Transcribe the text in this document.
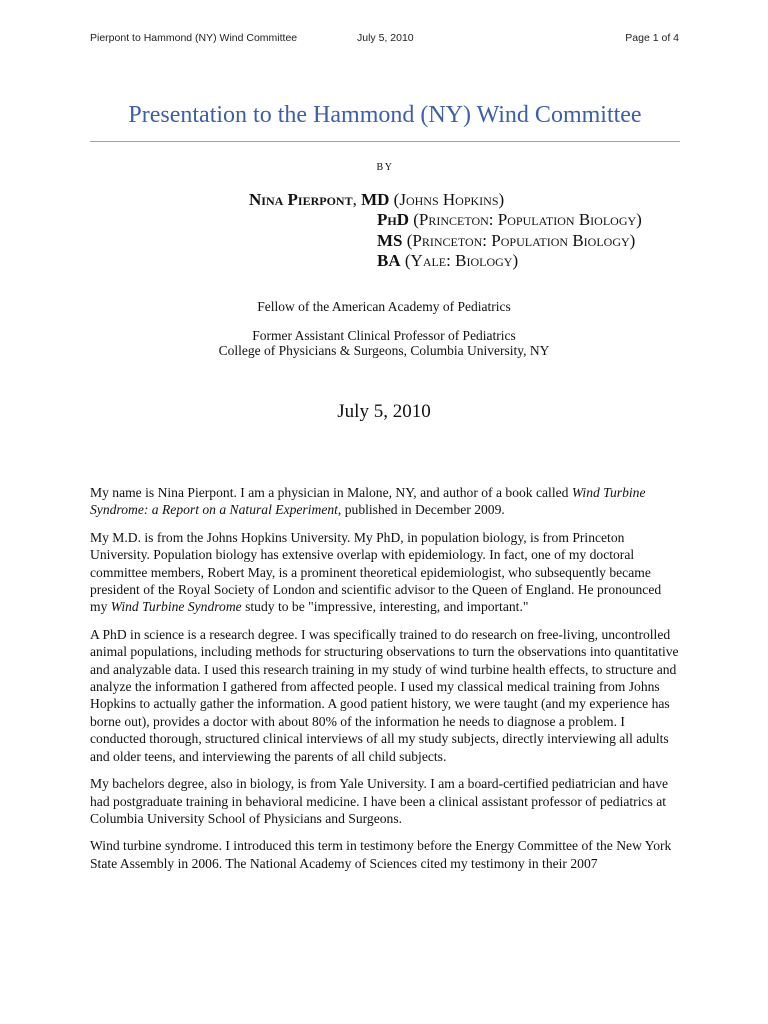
Pierpont to Hammond (NY) Wind Committee	July 5, 2010	Page 1 of 4
Presentation to the Hammond (NY) Wind Committee
BY
Nina Pierpont, MD (Johns Hopkins)
PhD (Princeton: Population Biology)
MS (Princeton: Population Biology)
BA (Yale: Biology)
Fellow of the American Academy of Pediatrics
Former Assistant Clinical Professor of Pediatrics
College of Physicians & Surgeons, Columbia University, NY
July 5, 2010

My name is Nina Pierpont. I am a physician in Malone, NY, and author of a book called Wind Turbine Syndrome: a Report on a Natural Experiment, published in December 2009.

My M.D. is from the Johns Hopkins University. My PhD, in population biology, is from Princeton University. Population biology has extensive overlap with epidemiology. In fact, one of my doctoral committee members, Robert May, is a prominent theoretical epidemiologist, who subsequently became president of the Royal Society of London and scientific advisor to the Queen of England. He pronounced my Wind Turbine Syndrome study to be "impressive, interesting, and important."

A PhD in science is a research degree. I was specifically trained to do research on free-living, uncontrolled animal populations, including methods for structuring observations to turn the observations into quantitative and analyzable data. I used this research training in my study of wind turbine health effects, to structure and analyze the information I gathered from affected people. I used my classical medical training from Johns Hopkins to actually gather the information. A good patient history, we were taught (and my experience has borne out), provides a doctor with about 80% of the information he needs to diagnose a problem. I conducted thorough, structured clinical interviews of all my study subjects, directly interviewing all adults and older teens, and interviewing the parents of all child subjects.

My bachelors degree, also in biology, is from Yale University. I am a board-certified pediatrician and have had postgraduate training in behavioral medicine. I have been a clinical assistant professor of pediatrics at Columbia University School of Physicians and Surgeons.

Wind turbine syndrome. I introduced this term in testimony before the Energy Committee of the New York State Assembly in 2006. The National Academy of Sciences cited my testimony in their 2007
